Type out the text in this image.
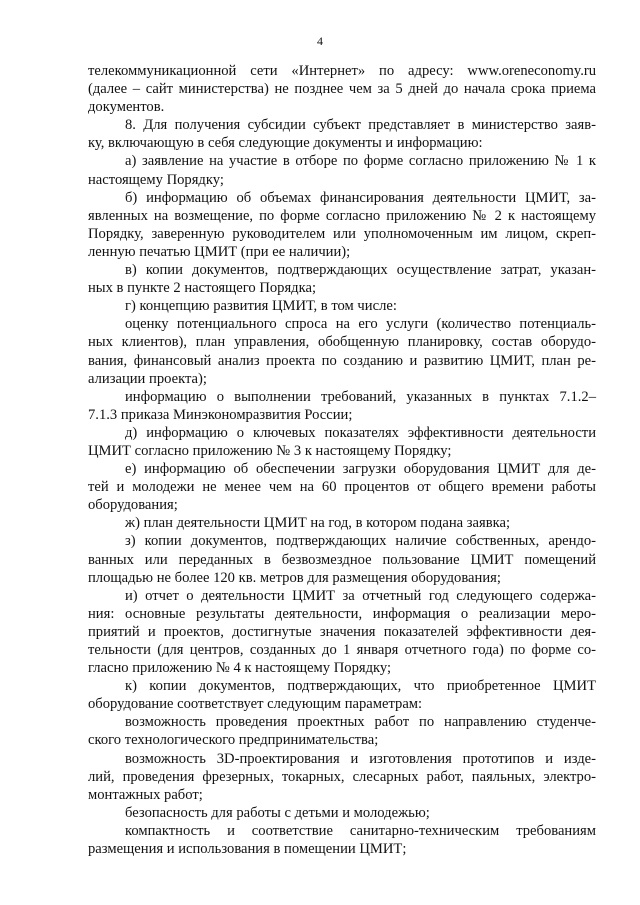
4
телекоммуникационной сети «Интернет» по адресу: www.oreneconomy.ru
(далее – сайт министерства) не позднее чем за 5 дней до начала срока приема
документов.
8. Для получения субсидии субъект представляет в министерство заяв-
ку, включающую в себя следующие документы и информацию:
а) заявление на участие в отборе по форме согласно приложению № 1 к
настоящему Порядку;
б) информацию об объемах финансирования деятельности ЦМИТ, за-
явленных на возмещение, по форме согласно приложению № 2 к настоящему
Порядку, заверенную руководителем или уполномоченным им лицом, скреп-
ленную печатью ЦМИТ (при ее наличии);
в) копии документов, подтверждающих осуществление затрат, указан-
ных в пункте 2 настоящего Порядка;
г) концепцию развития ЦМИТ, в том числе:
оценку потенциального спроса на его услуги (количество потенциаль-
ных клиентов), план управления, обобщенную планировку, состав оборудо-
вания, финансовый анализ проекта по созданию и развитию ЦМИТ, план ре-
ализации проекта);
информацию о выполнении требований, указанных в пунктах 7.1.2–
7.1.3 приказа Минэкономразвития России;
д) информацию о ключевых показателях эффективности деятельности
ЦМИТ согласно приложению № 3 к настоящему Порядку;
е) информацию об обеспечении загрузки оборудования ЦМИТ для де-
тей и молодежи не менее чем на 60 процентов от общего времени работы
оборудования;
ж) план деятельности ЦМИТ на год, в котором подана заявка;
з) копии документов, подтверждающих наличие собственных, арендо-
ванных или переданных в безвозмездное пользование ЦМИТ помещений
площадью не более 120 кв. метров для размещения оборудования;
и) отчет о деятельности ЦМИТ за отчетный год следующего содержа-
ния: основные результаты деятельности, информация о реализации меро-
приятий и проектов, достигнутые значения показателей эффективности дея-
тельности (для центров, созданных до 1 января отчетного года) по форме со-
гласно приложению № 4 к настоящему Порядку;
к) копии документов, подтверждающих, что приобретенное ЦМИТ
оборудование соответствует следующим параметрам:
возможность проведения проектных работ по направлению студенче-
ского технологического предпринимательства;
возможность 3D-проектирования и изготовления прототипов и изде-
лий, проведения фрезерных, токарных, слесарных работ, паяльных, электро-
монтажных работ;
безопасность для работы с детьми и молодежью;
компактность и соответствие санитарно-техническим требованиям
размещения и использования в помещении ЦМИТ;
